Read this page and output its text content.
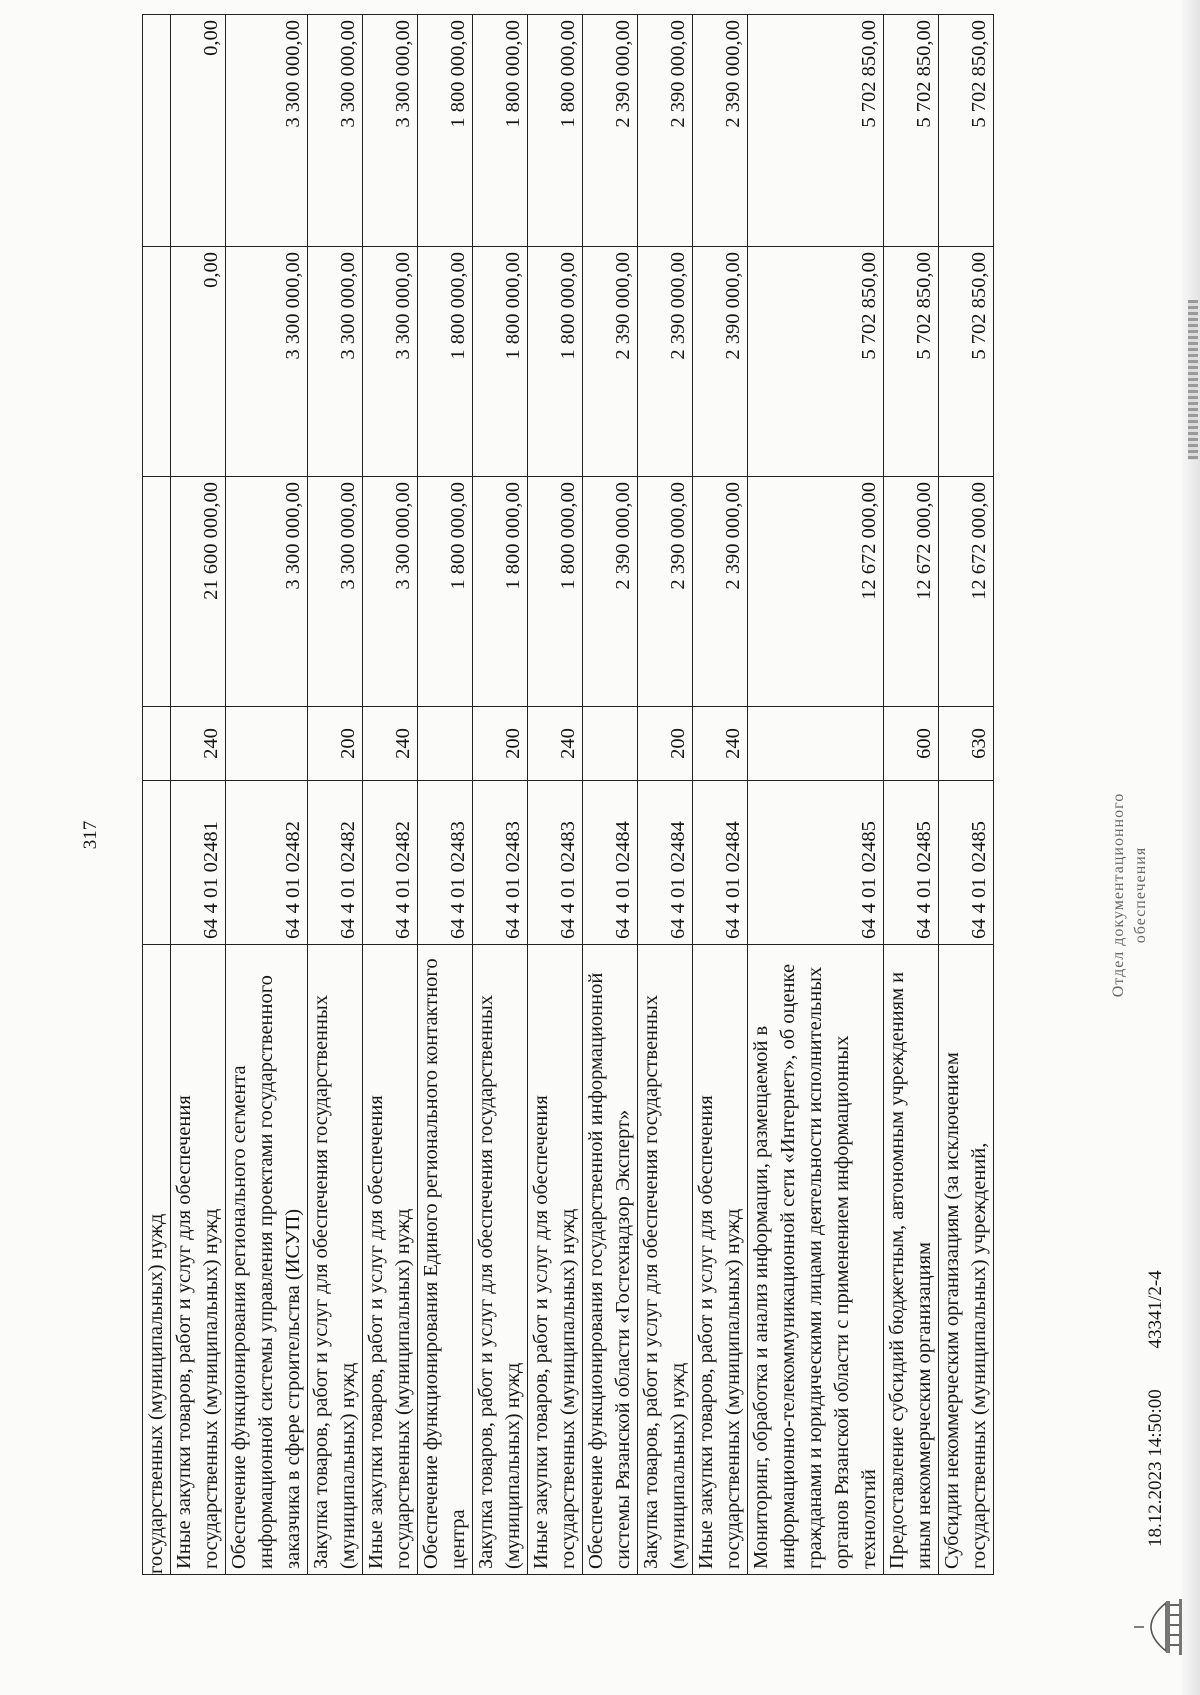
317
государственных (муниципальных) нужд					
Иные закупки товаров, работ и услуг для обеспечения государственных (муниципальных) нужд	64 4 01 02481	240	21 600 000,00	0,00	0,00
Обеспечение функционирования регионального сегмента информационной системы управления проектами государственного заказчика в сфере строительства (ИСУП)	64 4 01 02482		3 300 000,00	3 300 000,00	3 300 000,00
Закупка товаров, работ и услуг для обеспечения государственных (муниципальных) нужд	64 4 01 02482	200	3 300 000,00	3 300 000,00	3 300 000,00
Иные закупки товаров, работ и услуг для обеспечения государственных (муниципальных) нужд	64 4 01 02482	240	3 300 000,00	3 300 000,00	3 300 000,00
Обеспечение функционирования Единого регионального контактного центра	64 4 01 02483		1 800 000,00	1 800 000,00	1 800 000,00
Закупка товаров, работ и услуг для обеспечения государственных (муниципальных) нужд	64 4 01 02483	200	1 800 000,00	1 800 000,00	1 800 000,00
Иные закупки товаров, работ и услуг для обеспечения государственных (муниципальных) нужд	64 4 01 02483	240	1 800 000,00	1 800 000,00	1 800 000,00
Обеспечение функционирования государственной информационной системы Рязанской области «Гостехнадзор Эксперт»	64 4 01 02484		2 390 000,00	2 390 000,00	2 390 000,00
Закупка товаров, работ и услуг для обеспечения государственных (муниципальных) нужд	64 4 01 02484	200	2 390 000,00	2 390 000,00	2 390 000,00
Иные закупки товаров, работ и услуг для обеспечения государственных (муниципальных) нужд	64 4 01 02484	240	2 390 000,00	2 390 000,00	2 390 000,00
Мониторинг, обработка и анализ информации, размещаемой в информационно-телекоммуникационной сети «Интернет», об оценке гражданами и юридическими лицами деятельности исполнительных органов Рязанской области с применением информационных технологий	64 4 01 02485		12 672 000,00	5 702 850,00	5 702 850,00
Предоставление субсидий бюджетным, автономным учреждениям и иным некоммерческим организациям	64 4 01 02485	600	12 672 000,00	5 702 850,00	5 702 850,00
Субсидии некоммерческим организациям (за исключением государственных (муниципальных) учреждений,	64 4 01 02485	630	12 672 000,00	5 702 850,00	5 702 850,00
18.12.2023 14:50:00 43341/2-4
Отдел документационного обеспечения
